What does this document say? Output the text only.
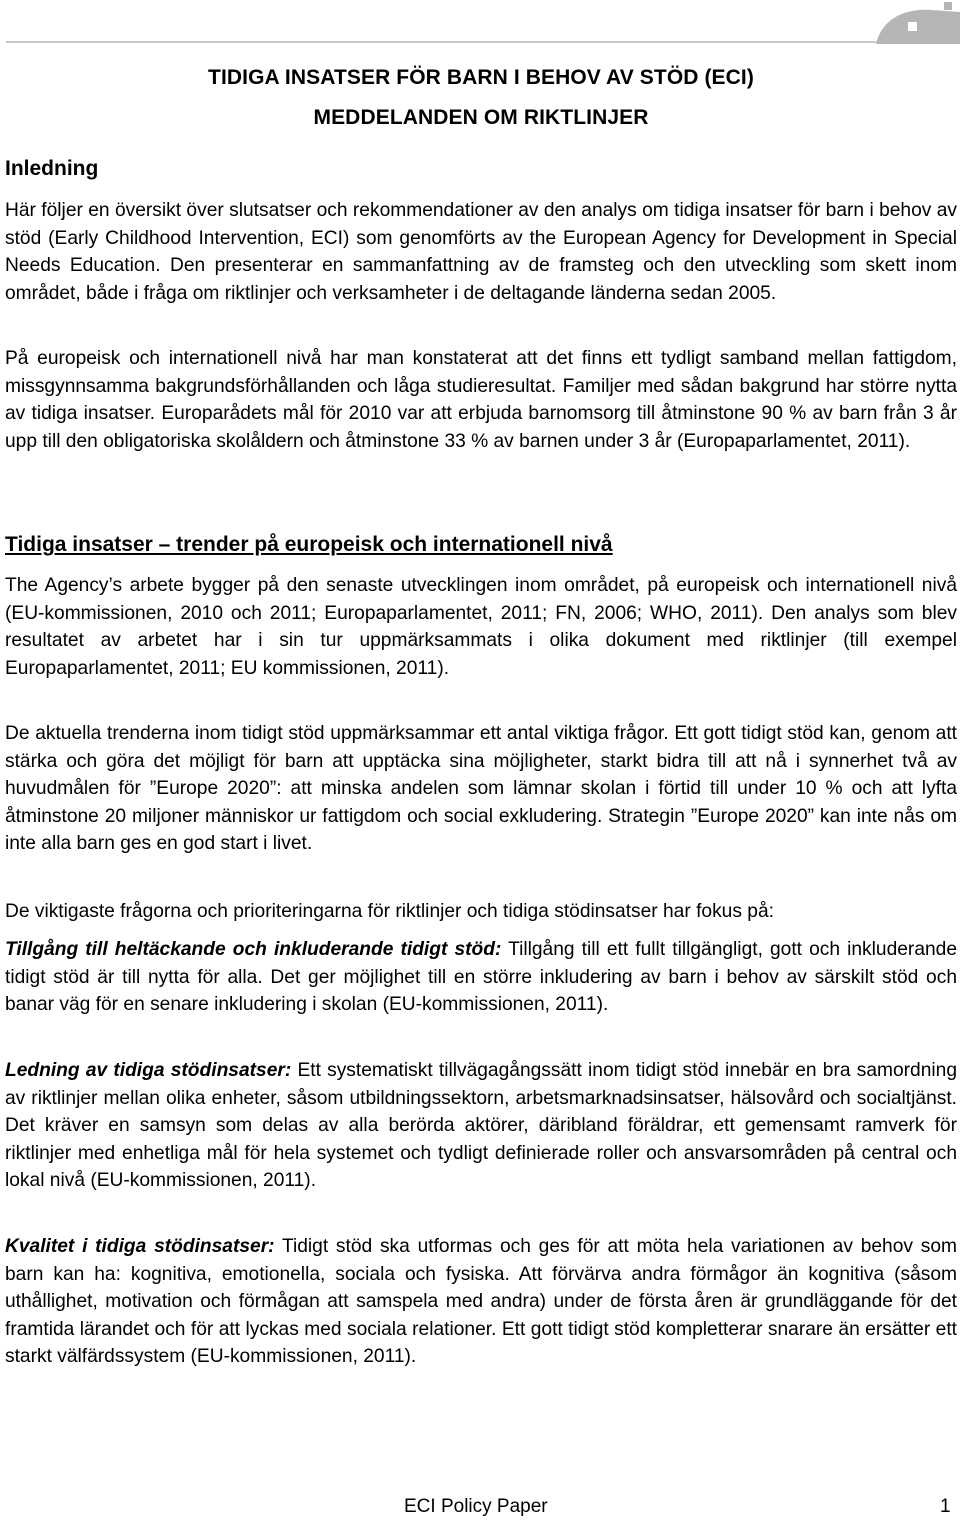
TIDIGA INSATSER FÖR BARN I BEHOV AV STÖD (ECI)
MEDDELANDEN OM RIKTLINJER
Inledning

Här följer en översikt över slutsatser och rekommendationer av den analys om tidiga insatser för barn i behov av stöd (Early Childhood Intervention, ECI) som genomförts av the European Agency for Development in Special Needs Education. Den presenterar en sammanfattning av de framsteg och den utveckling som skett inom området, både i fråga om riktlinjer och verksamheter i de deltagande länderna sedan 2005.

På europeisk och internationell nivå har man konstaterat att det finns ett tydligt samband mellan fattigdom, missgynnsamma bakgrundsförhållanden och låga studieresultat. Familjer med sådan bakgrund har större nytta av tidiga insatser. Europarådets mål för 2010 var att erbjuda barnomsorg till åtminstone 90 % av barn från 3 år upp till den obligatoriska skolåldern och åtminstone 33 % av barnen under 3 år (Europaparlamentet, 2011).

Tidiga insatser – trender på europeisk och internationell nivå

The Agency’s arbete bygger på den senaste utvecklingen inom området, på europeisk och internationell nivå (EU-kommissionen, 2010 och 2011; Europaparlamentet, 2011; FN, 2006; WHO, 2011). Den analys som blev resultatet av arbetet har i sin tur uppmärksammats i olika dokument med riktlinjer (till exempel Europaparlamentet, 2011; EU kommissionen, 2011).

De aktuella trenderna inom tidigt stöd uppmärksammar ett antal viktiga frågor. Ett gott tidigt stöd kan, genom att stärka och göra det möjligt för barn att upptäcka sina möjligheter, starkt bidra till att nå i synnerhet två av huvudmålen för ”Europe 2020”: att minska andelen som lämnar skolan i förtid till under 10 % och att lyfta åtminstone 20 miljoner människor ur fattigdom och social exkludering. Strategin ”Europe 2020” kan inte nås om inte alla barn ges en god start i livet.

De viktigaste frågorna och prioriteringarna för riktlinjer och tidiga stödinsatser har fokus på:

Tillgång till heltäckande och inkluderande tidigt stöd: Tillgång till ett fullt tillgängligt, gott och inkluderande tidigt stöd är till nytta för alla. Det ger möjlighet till en större inkludering av barn i behov av särskilt stöd och banar väg för en senare inkludering i skolan (EU-kommissionen, 2011).

Ledning av tidiga stödinsatser: Ett systematiskt tillvägagångssätt inom tidigt stöd innebär en bra samordning av riktlinjer mellan olika enheter, såsom utbildningssektorn, arbetsmarknadsinsatser, hälsovård och socialtjänst. Det kräver en samsyn som delas av alla berörda aktörer, däribland föräldrar, ett gemensamt ramverk för riktlinjer med enhetliga mål för hela systemet och tydligt definierade roller och ansvarsområden på central och lokal nivå (EU-kommissionen, 2011).

Kvalitet i tidiga stödinsatser: Tidigt stöd ska utformas och ges för att möta hela variationen av behov som barn kan ha: kognitiva, emotionella, sociala och fysiska. Att förvärva andra förmågor än kognitiva (såsom uthållighet, motivation och förmågan att samspela med andra) under de första åren är grundläggande för det framtida lärandet och för att lyckas med sociala relationer. Ett gott tidigt stöd kompletterar snarare än ersätter ett starkt välfärdssystem (EU-kommissionen, 2011).

ECI Policy Paper	1
